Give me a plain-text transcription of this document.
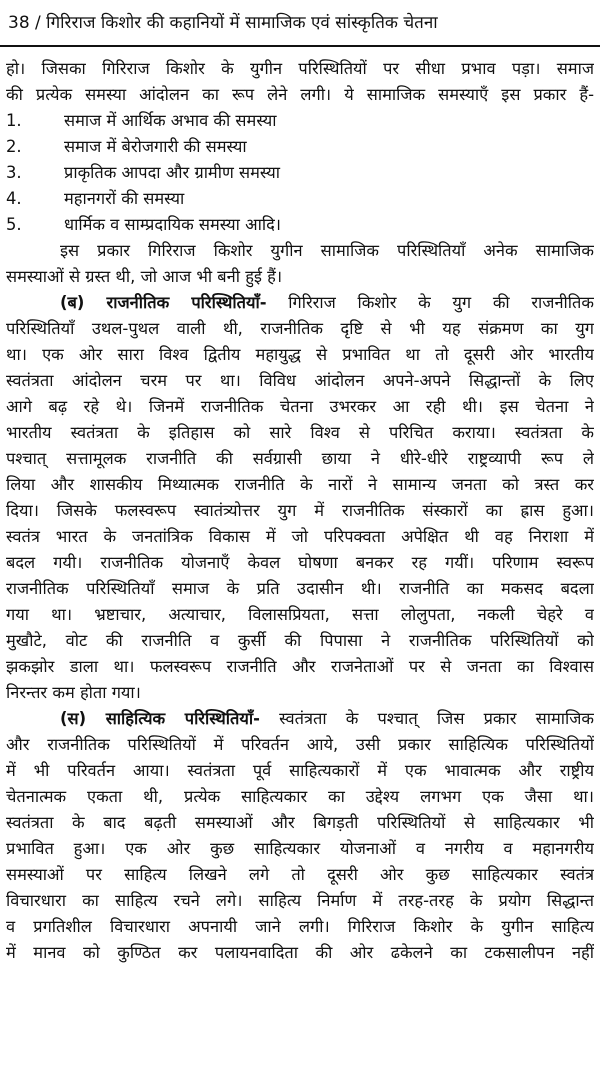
38 / गिरिराज किशोर की कहानियों में सामाजिक एवं सांस्कृतिक चेतना
हो। जिसका गिरिराज किशोर के युगीन परिस्थितियों पर सीधा प्रभाव पड़ा। समाज
की प्रत्येक समस्या आंदोलन का रूप लेने लगी। ये सामाजिक समस्याएँ इस प्रकार हैं-
1.	समाज में आर्थिक अभाव की समस्या
2.	समाज में बेरोजगारी की समस्या
3.	प्राकृतिक आपदा और ग्रामीण समस्या
4.	महानगरों की समस्या
5.	धार्मिक व साम्प्रदायिक समस्या आदि।
इस प्रकार गिरिराज किशोर युगीन सामाजिक परिस्थितियाँ अनेक सामाजिक
समस्याओं से ग्रस्त थी, जो आज भी बनी हुई हैं।
(ब) राजनीतिक परिस्थितियाँ- गिरिराज किशोर के युग की राजनीतिक
परिस्थितियाँ उथल-पुथल वाली थी, राजनीतिक दृष्टि से भी यह संक्रमण का युग
था। एक ओर सारा विश्व द्वितीय महायुद्ध से प्रभावित था तो दूसरी ओर भारतीय
स्वतंत्रता आंदोलन चरम पर था। विविध आंदोलन अपने-अपने सिद्धान्तों के लिए
आगे बढ़ रहे थे। जिनमें राजनीतिक चेतना उभरकर आ रही थी। इस चेतना ने
भारतीय स्वतंत्रता के इतिहास को सारे विश्व से परिचित कराया। स्वतंत्रता के
पश्चात् सत्तामूलक राजनीति की सर्वग्रासी छाया ने धीरे-धीरे राष्ट्रव्यापी रूप ले
लिया और शासकीय मिथ्यात्मक राजनीति के नारों ने सामान्य जनता को त्रस्त कर
दिया। जिसके फलस्वरूप स्वातंत्र्योत्तर युग में राजनीतिक संस्कारों का ह्रास हुआ।
स्वतंत्र भारत के जनतांत्रिक विकास में जो परिपक्वता अपेक्षित थी वह निराशा में
बदल गयी। राजनीतिक योजनाएँ केवल घोषणा बनकर रह गयीं। परिणाम स्वरूप
राजनीतिक परिस्थितियाँ समाज के प्रति उदासीन थी। राजनीति का मकसद बदला
गया था। भ्रष्टाचार, अत्याचार, विलासप्रियता, सत्ता लोलुपता, नकली चेहरे व
मुखौटे, वोट की राजनीति व कुर्सी की पिपासा ने राजनीतिक परिस्थितियों को
झकझोर डाला था। फलस्वरूप राजनीति और राजनेताओं पर से जनता का विश्वास
निरन्तर कम होता गया।
(स) साहित्यिक परिस्थितियाँ- स्वतंत्रता के पश्चात् जिस प्रकार सामाजिक
और राजनीतिक परिस्थितियों में परिवर्तन आये, उसी प्रकार साहित्यिक परिस्थितियों
में भी परिवर्तन आया। स्वतंत्रता पूर्व साहित्यकारों में एक भावात्मक और राष्ट्रीय
चेतनात्मक एकता थी, प्रत्येक साहित्यकार का उद्देश्य लगभग एक जैसा था।
स्वतंत्रता के बाद बढ़ती समस्याओं और बिगड़ती परिस्थितियों से साहित्यकार भी
प्रभावित हुआ। एक ओर कुछ साहित्यकार योजनाओं व नगरीय व महानगरीय
समस्याओं पर साहित्य लिखने लगे तो दूसरी ओर कुछ साहित्यकार स्वतंत्र
विचारधारा का साहित्य रचने लगे। साहित्य निर्माण में तरह-तरह के प्रयोग सिद्धान्त
व प्रगतिशील विचारधारा अपनायी जाने लगी। गिरिराज किशोर के युगीन साहित्य
में मानव को कुण्ठित कर पलायनवादिता की ओर ढकेलने का टकसालीपन नहीं
